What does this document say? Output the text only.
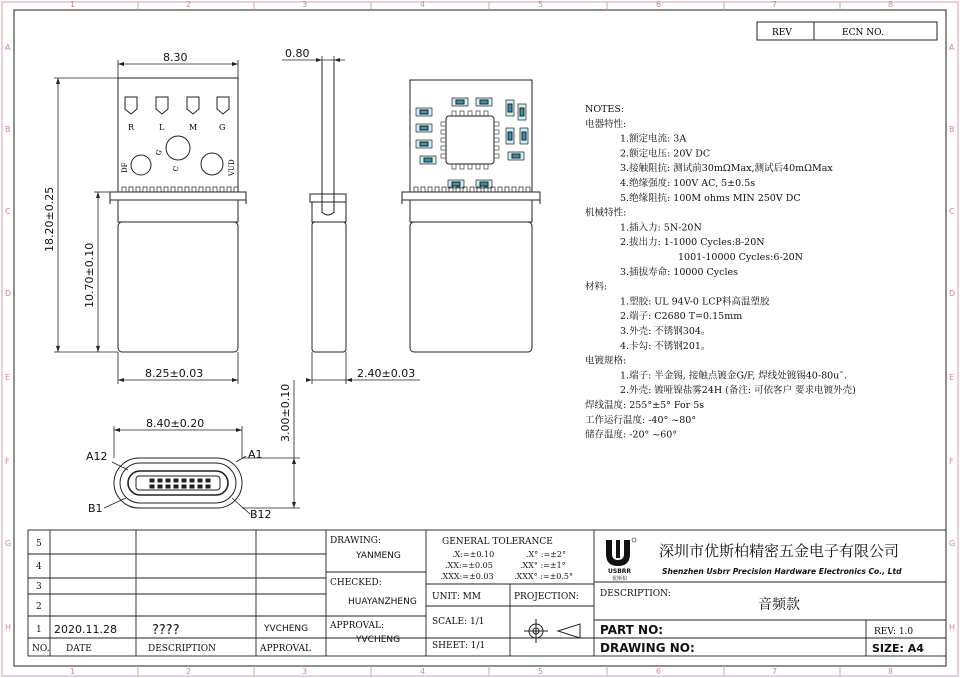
1
1
2
2
3
3
4
4
5
5
6
6
7
7
8
8
A	A
B	B
C	C
D	D
E	E
F	F
G	G
H	H
REV	ECN NO.
R	L	M	G
DF
G
C	VUD
8.30	0.80
18.20±0.25
10.70±0.10
8.25±0.03	2.40±0.03
8.40±0.20	3.00±0.10
A12	A1
B1	B12
NOTES:
电器特性:
1.额定电流: 3A
2.额定电压: 20V DC
3.接触阻抗: 测试前30mΩMax,测试后40mΩMax
4.绝缘强度: 100V AC, 5±0.5s
5.绝缘阻抗: 100M ohms MIN 250V DC
机械特性:
1.插入力: 5N-20N
2.拔出力: 1-1000 Cycles:8-20N
1001-10000 Cycles:6-20N
3.插拔寿命: 10000 Cycles
材料:
1.塑胶: UL 94V-0 LCP料高温塑胶
2.端子: C2680 T=0.15mm
3.外壳: 不锈钢304。
4.卡勾: 不锈钢201。
电镀规格:
1.端子: 半金锡, 接触点镀金G/F, 焊线处镀锡40-80u˜.
2.外壳: 镀哑镍盐雾24H (备注: 可依客户 要求电镀外壳)
焊线温度: 255°±5° For 5s
工作运行温度: -40° ~80°
储存温度: -20° ~60°
5
4
3
2
1 2020.11.28	????	YVCHENG
NO. DATE	DESCRIPTION	APPROVAL
DRAWING:
YANMENG
CHECKED:
HUAYANZHENG
APPROVAL:
YVCHENG
GENERAL TOLERANCE
.X:=±0.10
.XX:=±0.05
.XXX:=±0.03
.X° :=±2°
.XX° :=±1°
.XXX° :=±0.5°
UNIT: MM	PROJECTION:
SCALE: 1/1
SHEET: 1/1
深圳市优斯柏精密五金电子有限公司
Shenzhen Usbrr Precision Hardware Electronics Co., Ltd
USBRR
优斯柏
DESCRIPTION:
音频款
PART NO:
DRAWING NO:
REV: 1.0
SIZE: A4
